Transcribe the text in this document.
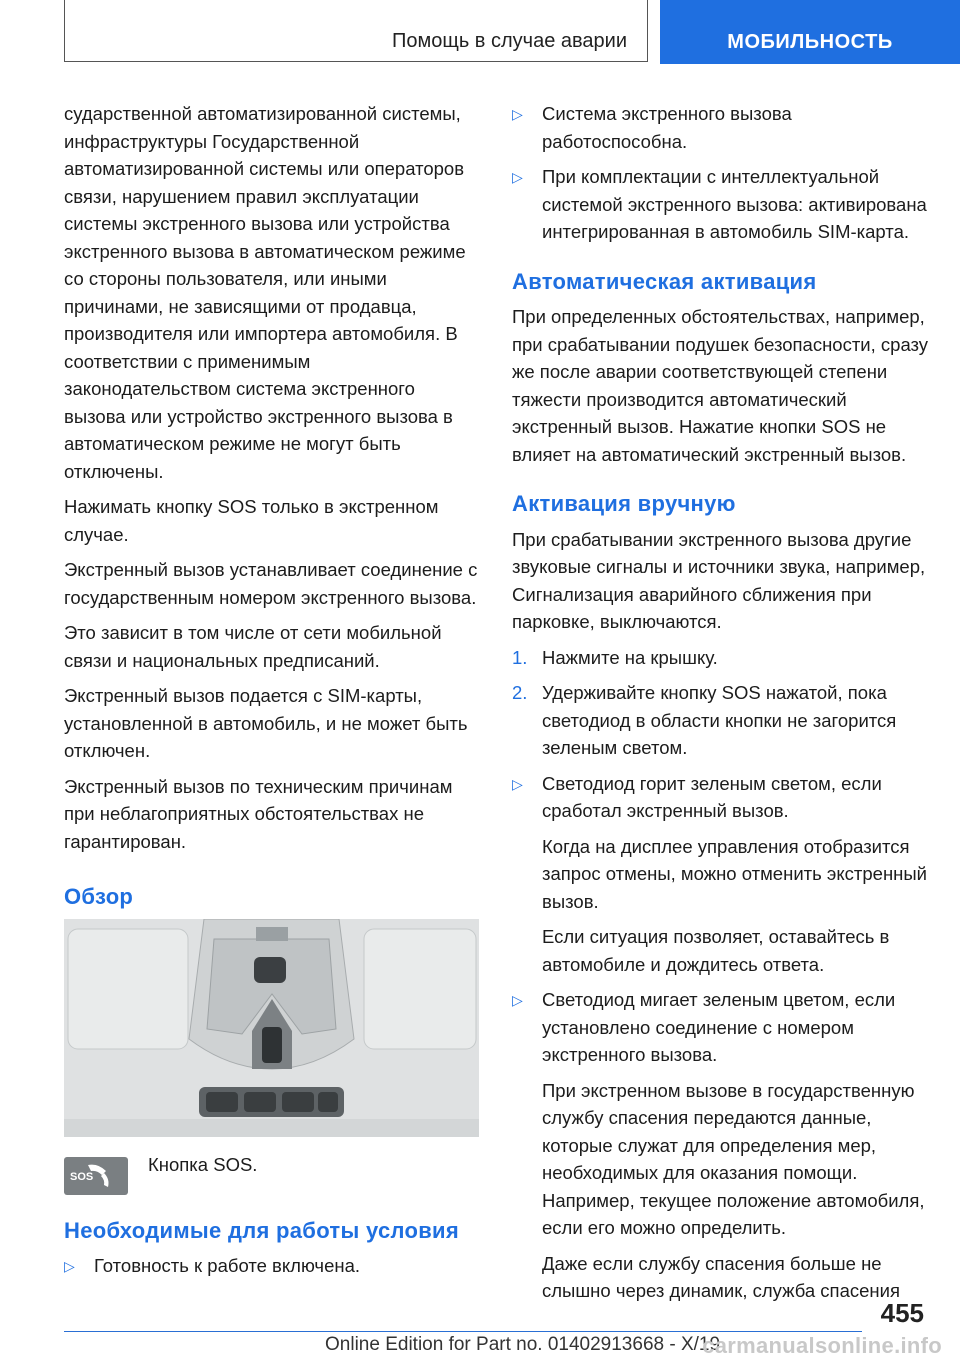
Помощь в случае аварии	МОБИЛЬНОСТЬ

сударственной автоматизированной системы, инфраструктуры Государственной автоматизированной системы или операторов связи, нарушением правил эксплуатации системы экстренного вызова или устройства экстренного вызова в автоматическом режиме со стороны пользователя, или иными причинами, не зависящими от продавца, производителя или импортера автомобиля. В соответствии с применимым законодательством система экстренного вызова или устройство экстренного вызова в автоматическом режиме не могут быть отключены.

Нажимать кнопку SOS только в экстренном случае.

Экстренный вызов устанавливает соединение с государственным номером экстренного вызова.

Это зависит в том числе от сети мобильной связи и национальных предписаний.

Экстренный вызов подается с SIM-карты, установленной в автомобиль, и не может быть отключен.

Экстренный вызов по техническим причинам при неблагоприятных обстоятельствах не гарантирован.

Обзор
SOS
Кнопка SOS.
Необходимые для работы условия
▷ Готовность к работе включена.
▷ Система экстренного вызова работоспособна.
▷ При комплектации с интеллектуальной системой экстренного вызова: активирована интегрированная в автомобиль SIM-карта.
Автоматическая активация

При определенных обстоятельствах, например, при срабатывании подушек безопасности, сразу же после аварии соответствующей степени тяжести производится автоматический экстренный вызов. Нажатие кнопки SOS не влияет на автоматический экстренный вызов.

Активация вручную

При срабатывании экстренного вызова другие звуковые сигналы и источники звука, например, Сигнализация аварийного сближения при парковке, выключаются.

1. Нажмите на крышку.
2. Удерживайте кнопку SOS нажатой, пока светодиод в области кнопки не загорится зеленым светом.
▷ Светодиод горит зеленым светом, если сработал экстренный вызов.

Когда на дисплее управления отобразится запрос отмены, можно отменить экстренный вызов.

Если ситуация позволяет, оставайтесь в автомобиле и дождитесь ответа.

▷ Светодиод мигает зеленым цветом, если установлено соединение с номером экстренного вызова.

При экстренном вызове в государственную службу спасения передаются данные, которые служат для определения мер, необходимых для оказания помощи. Например, текущее положение автомобиля, если его можно определить.

Даже если службу спасения больше не слышно через динамик, служба спасения

455
Online Edition for Part no. 01402913668 - X/19
carmanualsonline.info
